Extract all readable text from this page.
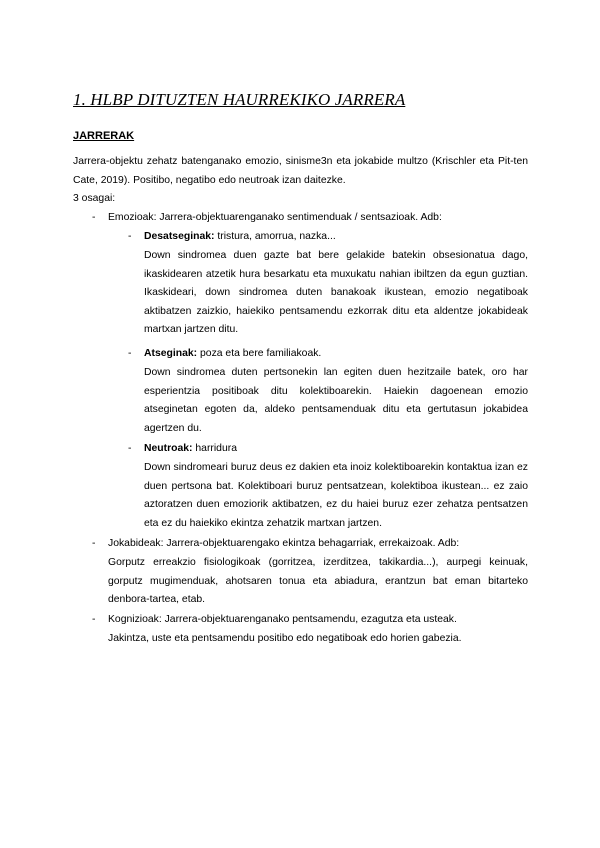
1. HLBP DITUZTEN HAURREKIKO JARRERA
JARRERAK
Jarrera-objektu zehatz batenganako emozio, sinisme3n eta jokabide multzo (Krischler eta Pit-ten Cate, 2019). Positibo, negatibo edo neutroak izan daitezke.
3 osagai:
- Emozioak: Jarrera-objektuarenganako sentimenduak / sentsazioak. Adb:
- Desatseginak: tristura, amorrua, nazka...
Down sindromea duen gazte bat bere gelakide batekin obsesionatua dago, ikaskidearen atzetik hura besarkatu eta muxukatu nahian ibiltzen da egun guztian. Ikaskideari, down sindromea duten banakoak ikustean, emozio negatiboak aktibatzen zaizkio, haiekiko pentsamendu ezkorrak ditu eta aldentze jokabideak martxan jartzen ditu.
- Atseginak: poza eta bere familiakoak.
Down sindromea duten pertsonekin lan egiten duen hezitzaile batek, oro har esperientzia positiboak ditu kolektiboarekin. Haiekin dagoenean emozio atseginetan egoten da, aldeko pentsamenduak ditu eta gertutasun jokabidea agertzen du.
- Neutroak: harridura
Down sindromeari buruz deus ez dakien eta inoiz kolektiboarekin kontaktua izan ez duen pertsona bat. Kolektiboari buruz pentsatzean, kolektiboa ikustean... ez zaio aztoratzen duen emoziorik aktibatzen, ez du haiei buruz ezer zehatza pentsatzen eta ez du haiekiko ekintza zehatzik martxan jartzen.
- Jokabideak: Jarrera-objektuarengako ekintza behagarriak, errekaizoak. Adb:
Gorputz erreakzio fisiologikoak (gorritzea, izerditzea, takikardia...), aurpegi keinuak, gorputz mugimenduak, ahotsaren tonua eta abiadura, erantzun bat eman bitarteko denbora-tartea, etab.
- Kognizioak: Jarrera-objektuarenganako pentsamendu, ezagutza eta usteak.
Jakintza, uste eta pentsamendu positibo edo negatiboak edo horien gabezia.
